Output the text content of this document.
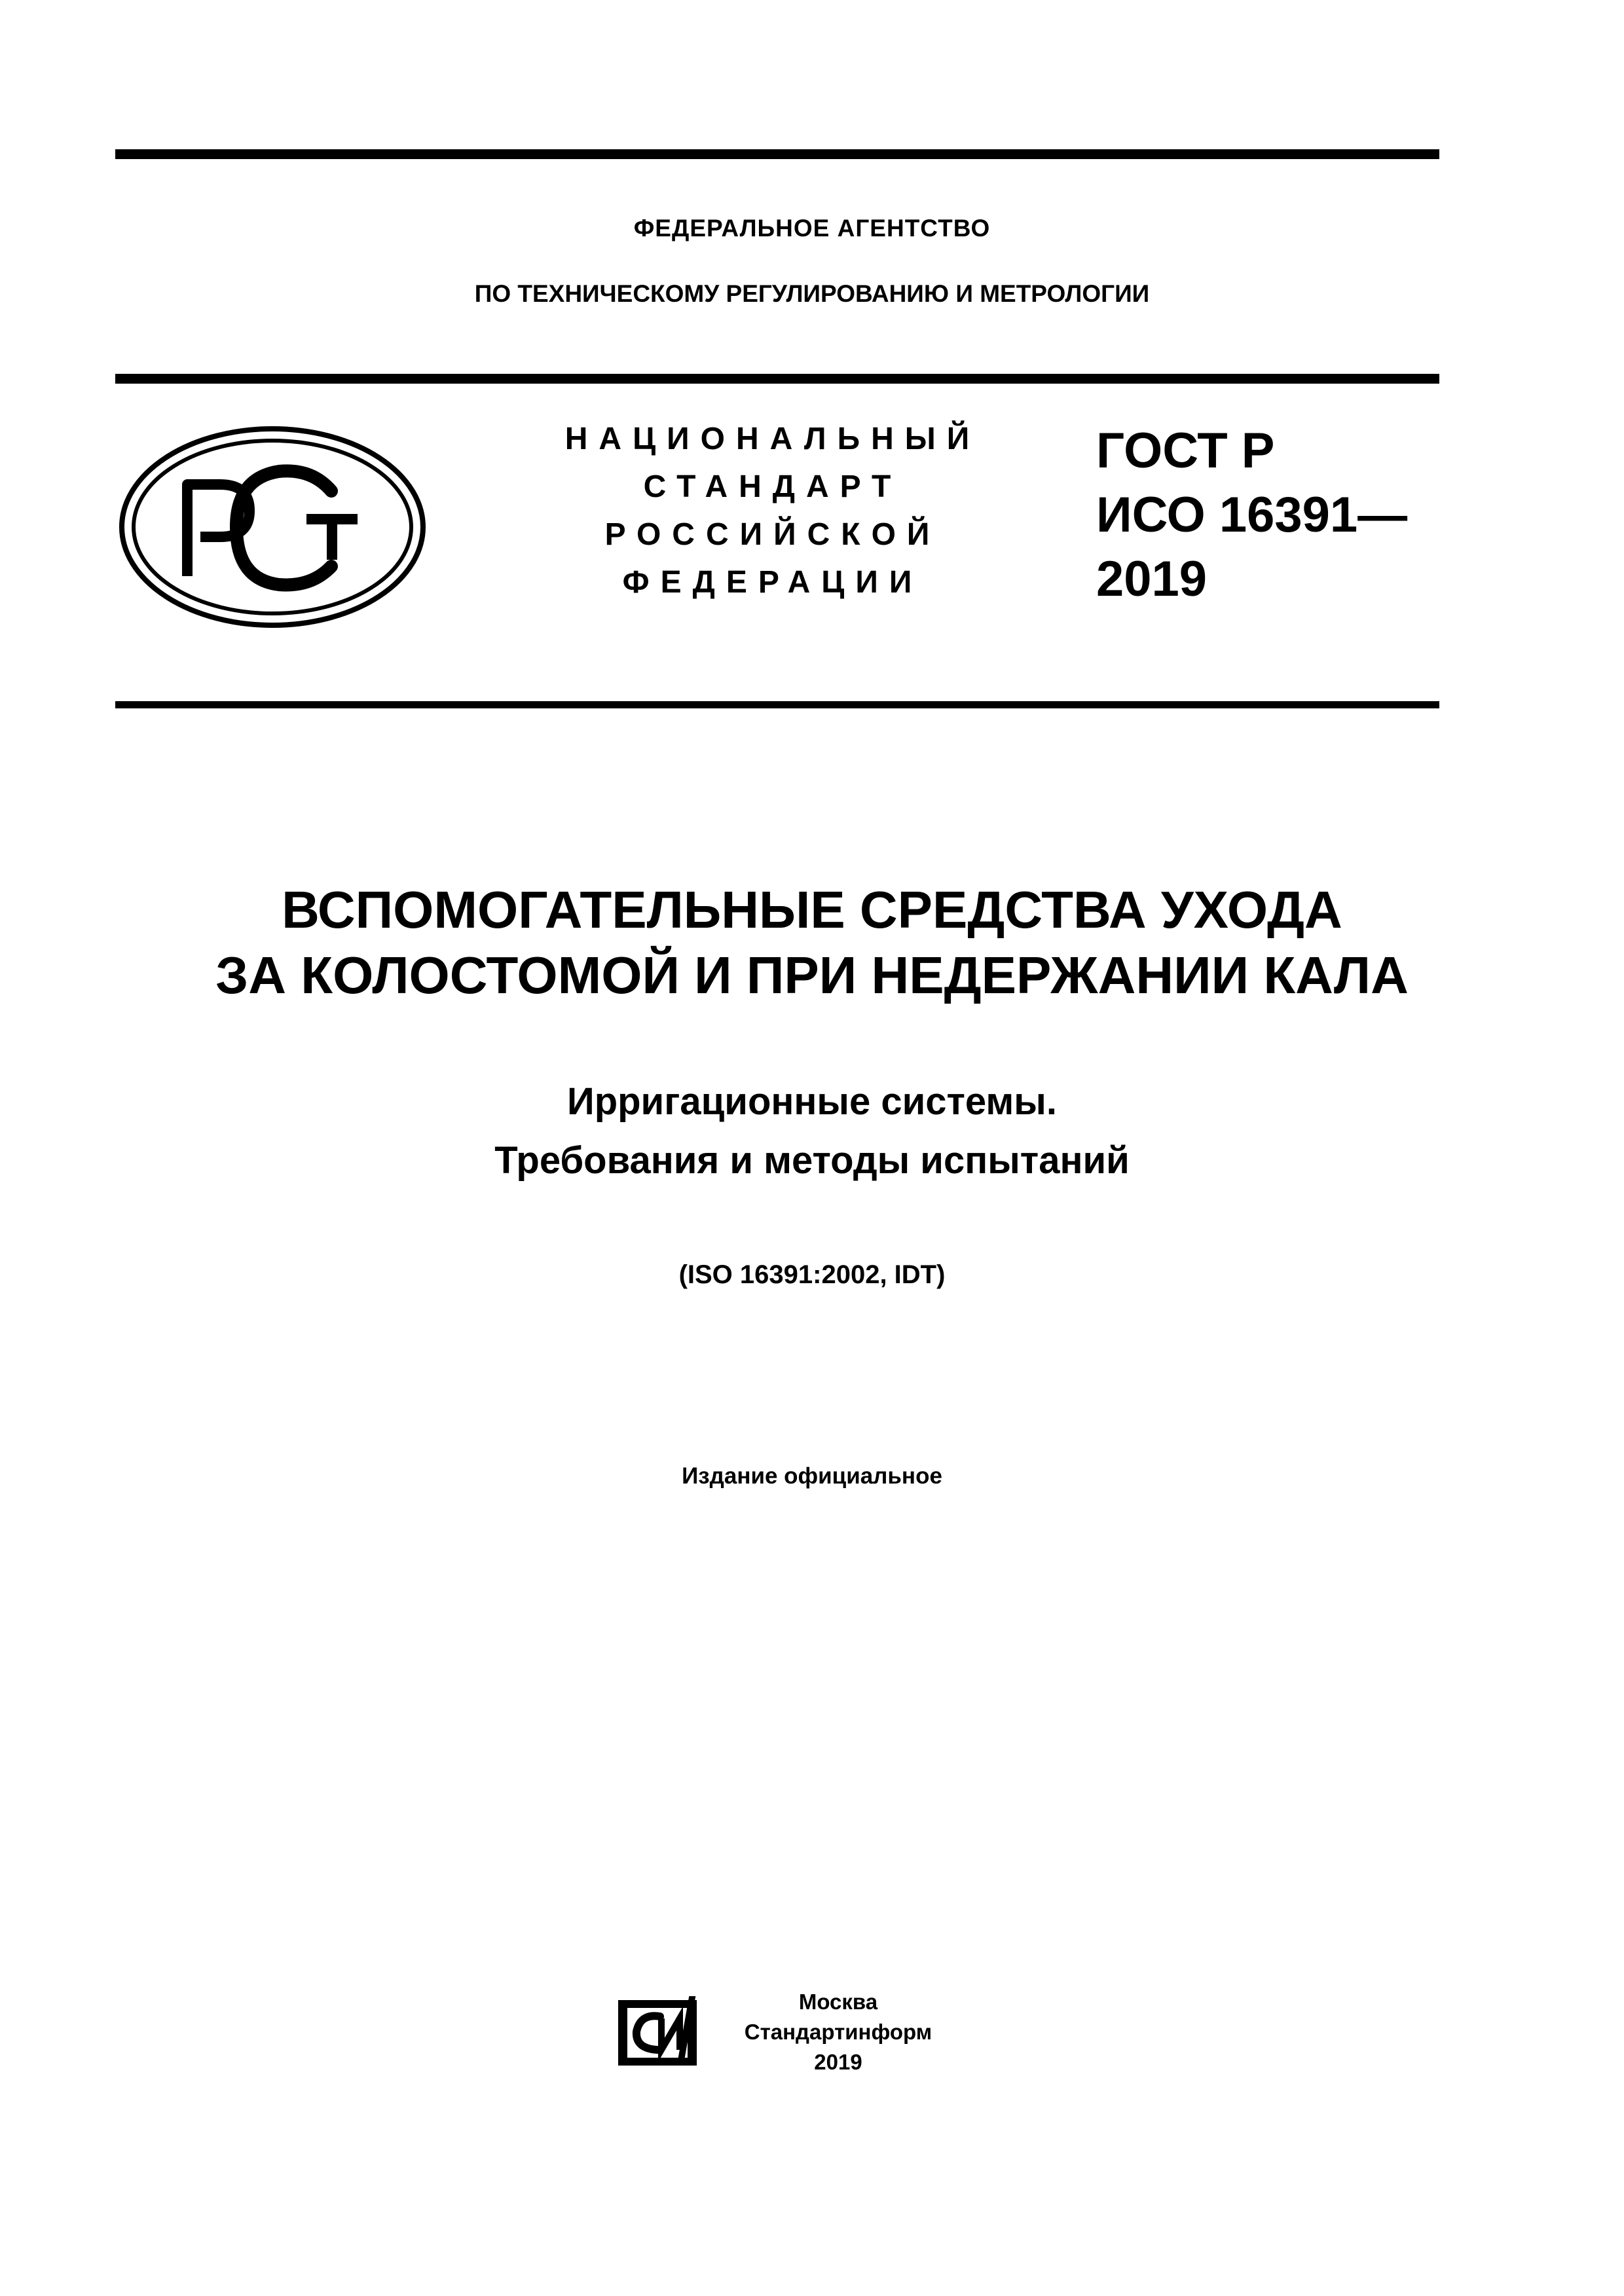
ФЕДЕРАЛЬНОЕ АГЕНТСТВО
ПО ТЕХНИЧЕСКОМУ РЕГУЛИРОВАНИЮ И МЕТРОЛОГИИ
НАЦИОНАЛЬНЫЙ
СТАНДАРТ
РОССИЙСКОЙ
ФЕДЕРАЦИИ
ГОСТ Р
ИСО 16391—
2019
ВСПОМОГАТЕЛЬНЫЕ СРЕДСТВА УХОДА
ЗА КОЛОСТОМОЙ И ПРИ НЕДЕРЖАНИИ КАЛА
Ирригационные системы.
Требования и методы испытаний
(ISO 16391:2002, IDT)
Издание официальное
Москва
Стандартинформ
2019
